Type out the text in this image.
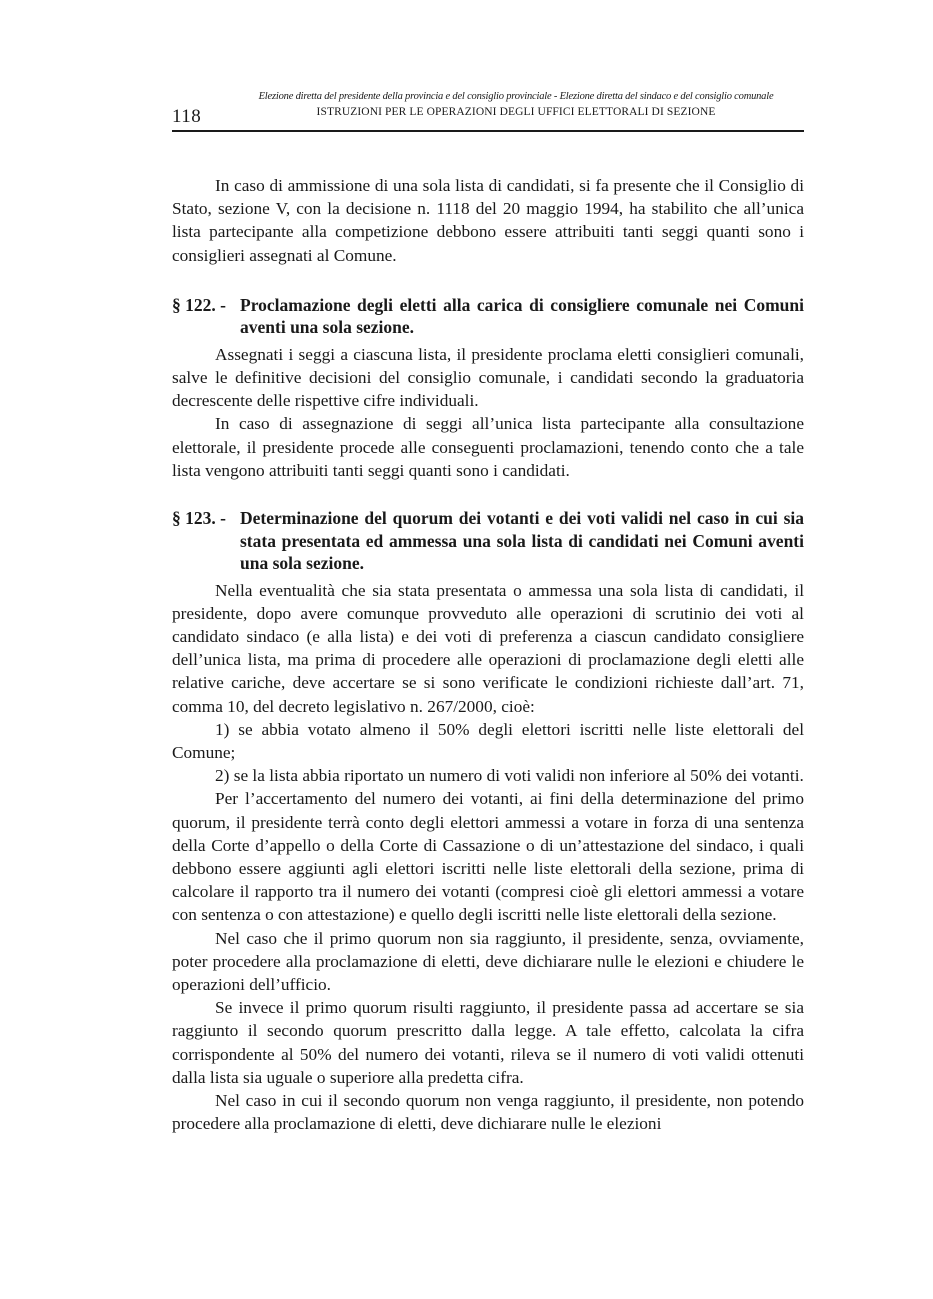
118
Elezione diretta del presidente della provincia e del consiglio provinciale - Elezione diretta del sindaco e del consiglio comunale
ISTRUZIONI PER LE OPERAZIONI DEGLI UFFICI ELETTORALI DI SEZIONE

In caso di ammissione di una sola lista di candidati, si fa presente che il Consiglio di Stato, sezione V, con la decisione n. 1118 del 20 maggio 1994, ha stabilito che all’unica lista partecipante alla competizione debbono essere attribuiti tanti seggi quanti sono i consiglieri assegnati al Comune.

§ 122. - Proclamazione degli eletti alla carica di consigliere comunale nei Comuni aventi una sola sezione.

Assegnati i seggi a ciascuna lista, il presidente proclama eletti consiglieri comunali, salve le definitive decisioni del consiglio comunale, i candidati secondo la graduatoria decrescente delle rispettive cifre individuali.

In caso di assegnazione di seggi all’unica lista partecipante alla consultazione elettorale, il presidente procede alle conseguenti proclamazioni, tenendo conto che a tale lista vengono attribuiti tanti seggi quanti sono i candidati.

§ 123. - Determinazione del quorum dei votanti e dei voti validi nel caso in cui sia stata presentata ed ammessa una sola lista di candidati nei Comuni aventi una sola sezione.

Nella eventualità che sia stata presentata o ammessa una sola lista di candidati, il presidente, dopo avere comunque provveduto alle operazioni di scrutinio dei voti al candidato sindaco (e alla lista) e dei voti di preferenza a ciascun candidato consigliere dell’unica lista, ma prima di procedere alle operazioni di proclamazione degli eletti alle relative cariche, deve accertare se si sono verificate le condizioni richieste dall’art. 71, comma 10, del decreto legislativo n. 267/2000, cioè:

1) se abbia votato almeno il 50% degli elettori iscritti nelle liste elettorali del Comune;

2) se la lista abbia riportato un numero di voti validi non inferiore al 50% dei votanti.

Per l’accertamento del numero dei votanti, ai fini della determinazione del primo quorum, il presidente terrà conto degli elettori ammessi a votare in forza di una sentenza della Corte d’appello o della Corte di Cassazione o di un’attestazione del sindaco, i quali debbono essere aggiunti agli elettori iscritti nelle liste elettorali della sezione, prima di calcolare il rapporto tra il numero dei votanti (compresi cioè gli elettori ammessi a votare con sentenza o con attestazione) e quello degli iscritti nelle liste elettorali della sezione.

Nel caso che il primo quorum non sia raggiunto, il presidente, senza, ovviamente, poter procedere alla proclamazione di eletti, deve dichiarare nulle le elezioni e chiudere le operazioni dell’ufficio.

Se invece il primo quorum risulti raggiunto, il presidente passa ad accertare se sia raggiunto il secondo quorum prescritto dalla legge. A tale effetto, calcolata la cifra corrispondente al 50% del numero dei votanti, rileva se il numero di voti validi ottenuti dalla lista sia uguale o superiore alla predetta cifra.

Nel caso in cui il secondo quorum non venga raggiunto, il presidente, non potendo procedere alla proclamazione di eletti, deve dichiarare nulle le elezioni
